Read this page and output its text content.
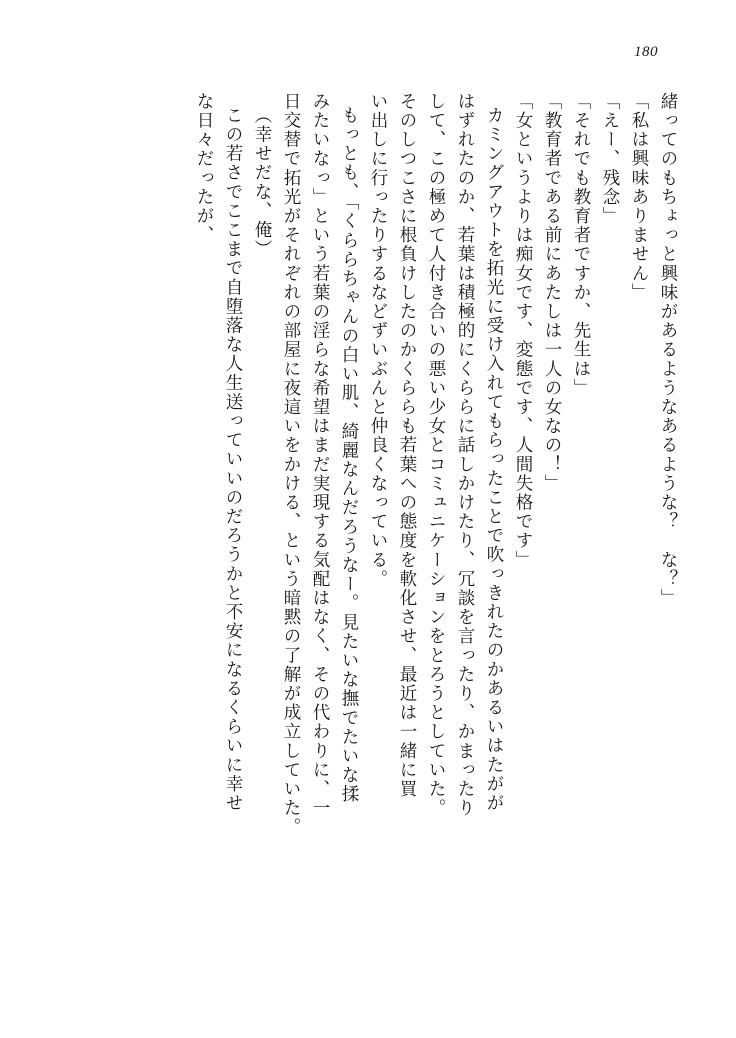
180
緒ってのもちょっと興味があるようなあるような？　な？」
「私は興味ありません」
「えー、残念」
「それでも教育者ですか、先生は」
「教育者である前にあたしは一人の女なの！」
「女というよりは痴女です、変態です、人間失格です」
カミングアウトを拓光に受け入れてもらったことで吹っきれたのかあるいはたがが
はずれたのか、若葉は積極的にくららに話しかけたり、冗談を言ったり、かまったり
して、この極めて人付き合いの悪い少女とコミュニケーションをとろうとしていた。
そのしつこさに根負けしたのかくららも若葉への態度を軟化させ、最近は一緒に買
い出しに行ったりするなどずいぶんと仲良くなっている。
もっとも、「くららちゃんの白い肌、綺麗なんだろうなー。見たいな撫でたいな揉
みたいなっ」という若葉の淫らな希望はまだ実現する気配はなく、その代わりに、一
日交替で拓光がそれぞれの部屋に夜這いをかける、という暗黙の了解が成立していた。
（幸せだな、俺）
この若さでここまで自堕落な人生送っていいのだろうかと不安になるくらいに幸せ
な日々だったが、
